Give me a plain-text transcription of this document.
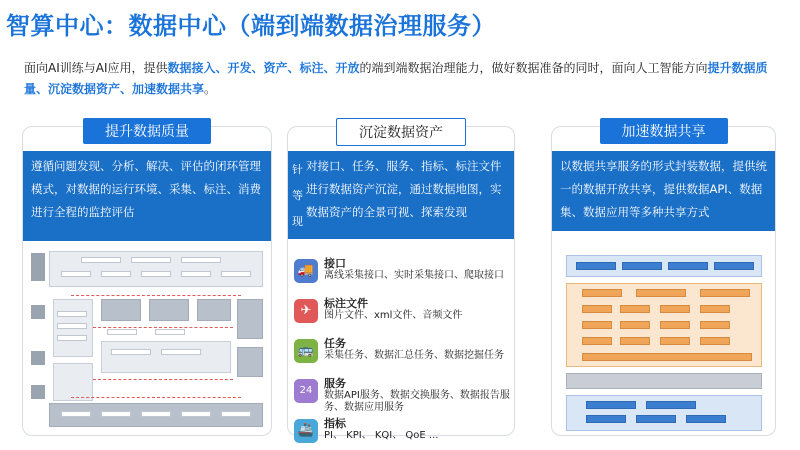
智算中心：数据中心（端到端数据治理服务）
面向AI训练与AI应用，提供数据接入、开发、资产、标注、开放的端到端数据治理能力，做好数据准备的同时，面向人工智能方向提升数据质量、沉淀数据资产、加速数据共享。
提升数据质量
遵循问题发现、分析、解决、评估的闭环管理模式，对数据的运行环境、采集、标注、消费进行全程的监控评估
沉淀数据资产
针
等
现
对接口、任务、服务、指标、标注文件进行数据资产沉淀，通过数据地图，实数据资产的全景可视、探索发现
🚚 接口
离线采集接口、实时采集接口、爬取接口
✈	标注文件
图片文件、xml文件、音频文件
🚌 任务
采集任务、数据汇总任务、数据挖掘任务
24
服务
数据API服务、数据交换服务、数据报告服务、数据应用服务
🚢 指标
PI、 KPI、 KQI、 QoE ...
加速数据共享
以数据共享服务的形式封装数据，提供统一的数据开放共享，提供数据API、数据集、数据应用等多种共享方式
